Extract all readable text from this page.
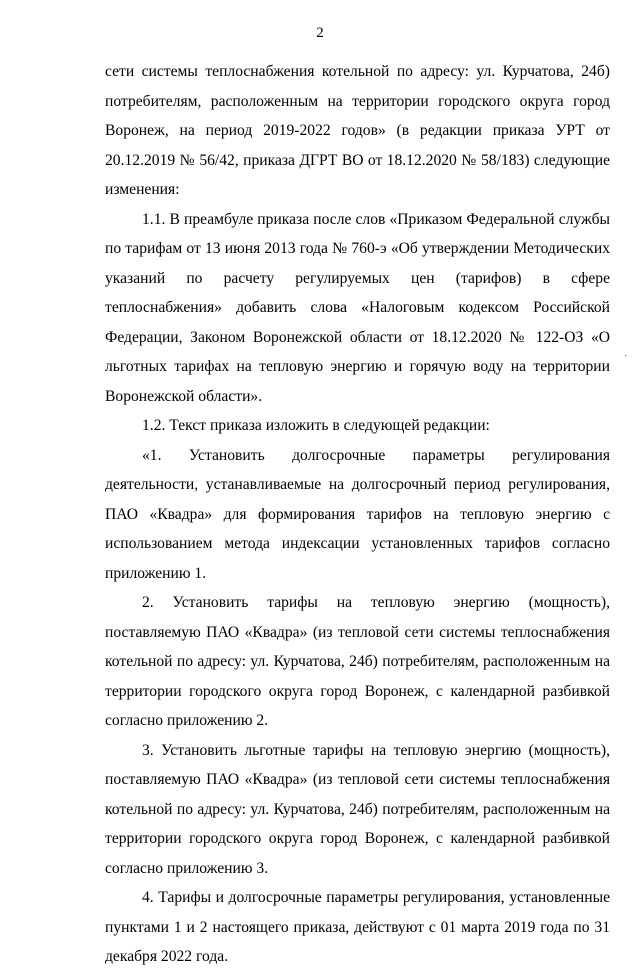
2

сети системы теплоснабжения котельной по адресу: ул. Курчатова, 24б) потребителям, расположенным на территории городского округа город Воронеж, на период 2019-2022 годов» (в редакции приказа УРТ от 20.12.2019 № 56/42, приказа ДГРТ ВО от 18.12.2020 № 58/183) следующие изменения:

1.1. В преамбуле приказа после слов «Приказом Федеральной службы по тарифам от 13 июня 2013 года № 760-э «Об утверждении Методических указаний по расчету регулируемых цен (тарифов) в сфере теплоснабжения» добавить слова «Налоговым кодексом Российской Федерации, Законом Воронежской области от 18.12.2020 № 122-ОЗ «О льготных тарифах на тепловую энергию и горячую воду на территории Воронежской области».

1.2. Текст приказа изложить в следующей редакции:

«1. Установить долгосрочные параметры регулирования деятельности, устанавливаемые на долгосрочный период регулирования, ПАО «Квадра» для формирования тарифов на тепловую энергию с использованием метода индексации установленных тарифов согласно приложению 1.

2. Установить тарифы на тепловую энергию (мощность), поставляемую ПАО «Квадра» (из тепловой сети системы теплоснабжения котельной по адресу: ул. Курчатова, 24б) потребителям, расположенным на территории городского округа город Воронеж, с календарной разбивкой согласно приложению 2.

3. Установить льготные тарифы на тепловую энергию (мощность), поставляемую ПАО «Квадра» (из тепловой сети системы теплоснабжения котельной по адресу: ул. Курчатова, 24б) потребителям, расположенным на территории городского округа город Воронеж, с календарной разбивкой согласно приложению 3.

4. Тарифы и долгосрочные параметры регулирования, установленные пунктами 1 и 2 настоящего приказа, действуют с 01 марта 2019 года по 31 декабря 2022 года.

·
